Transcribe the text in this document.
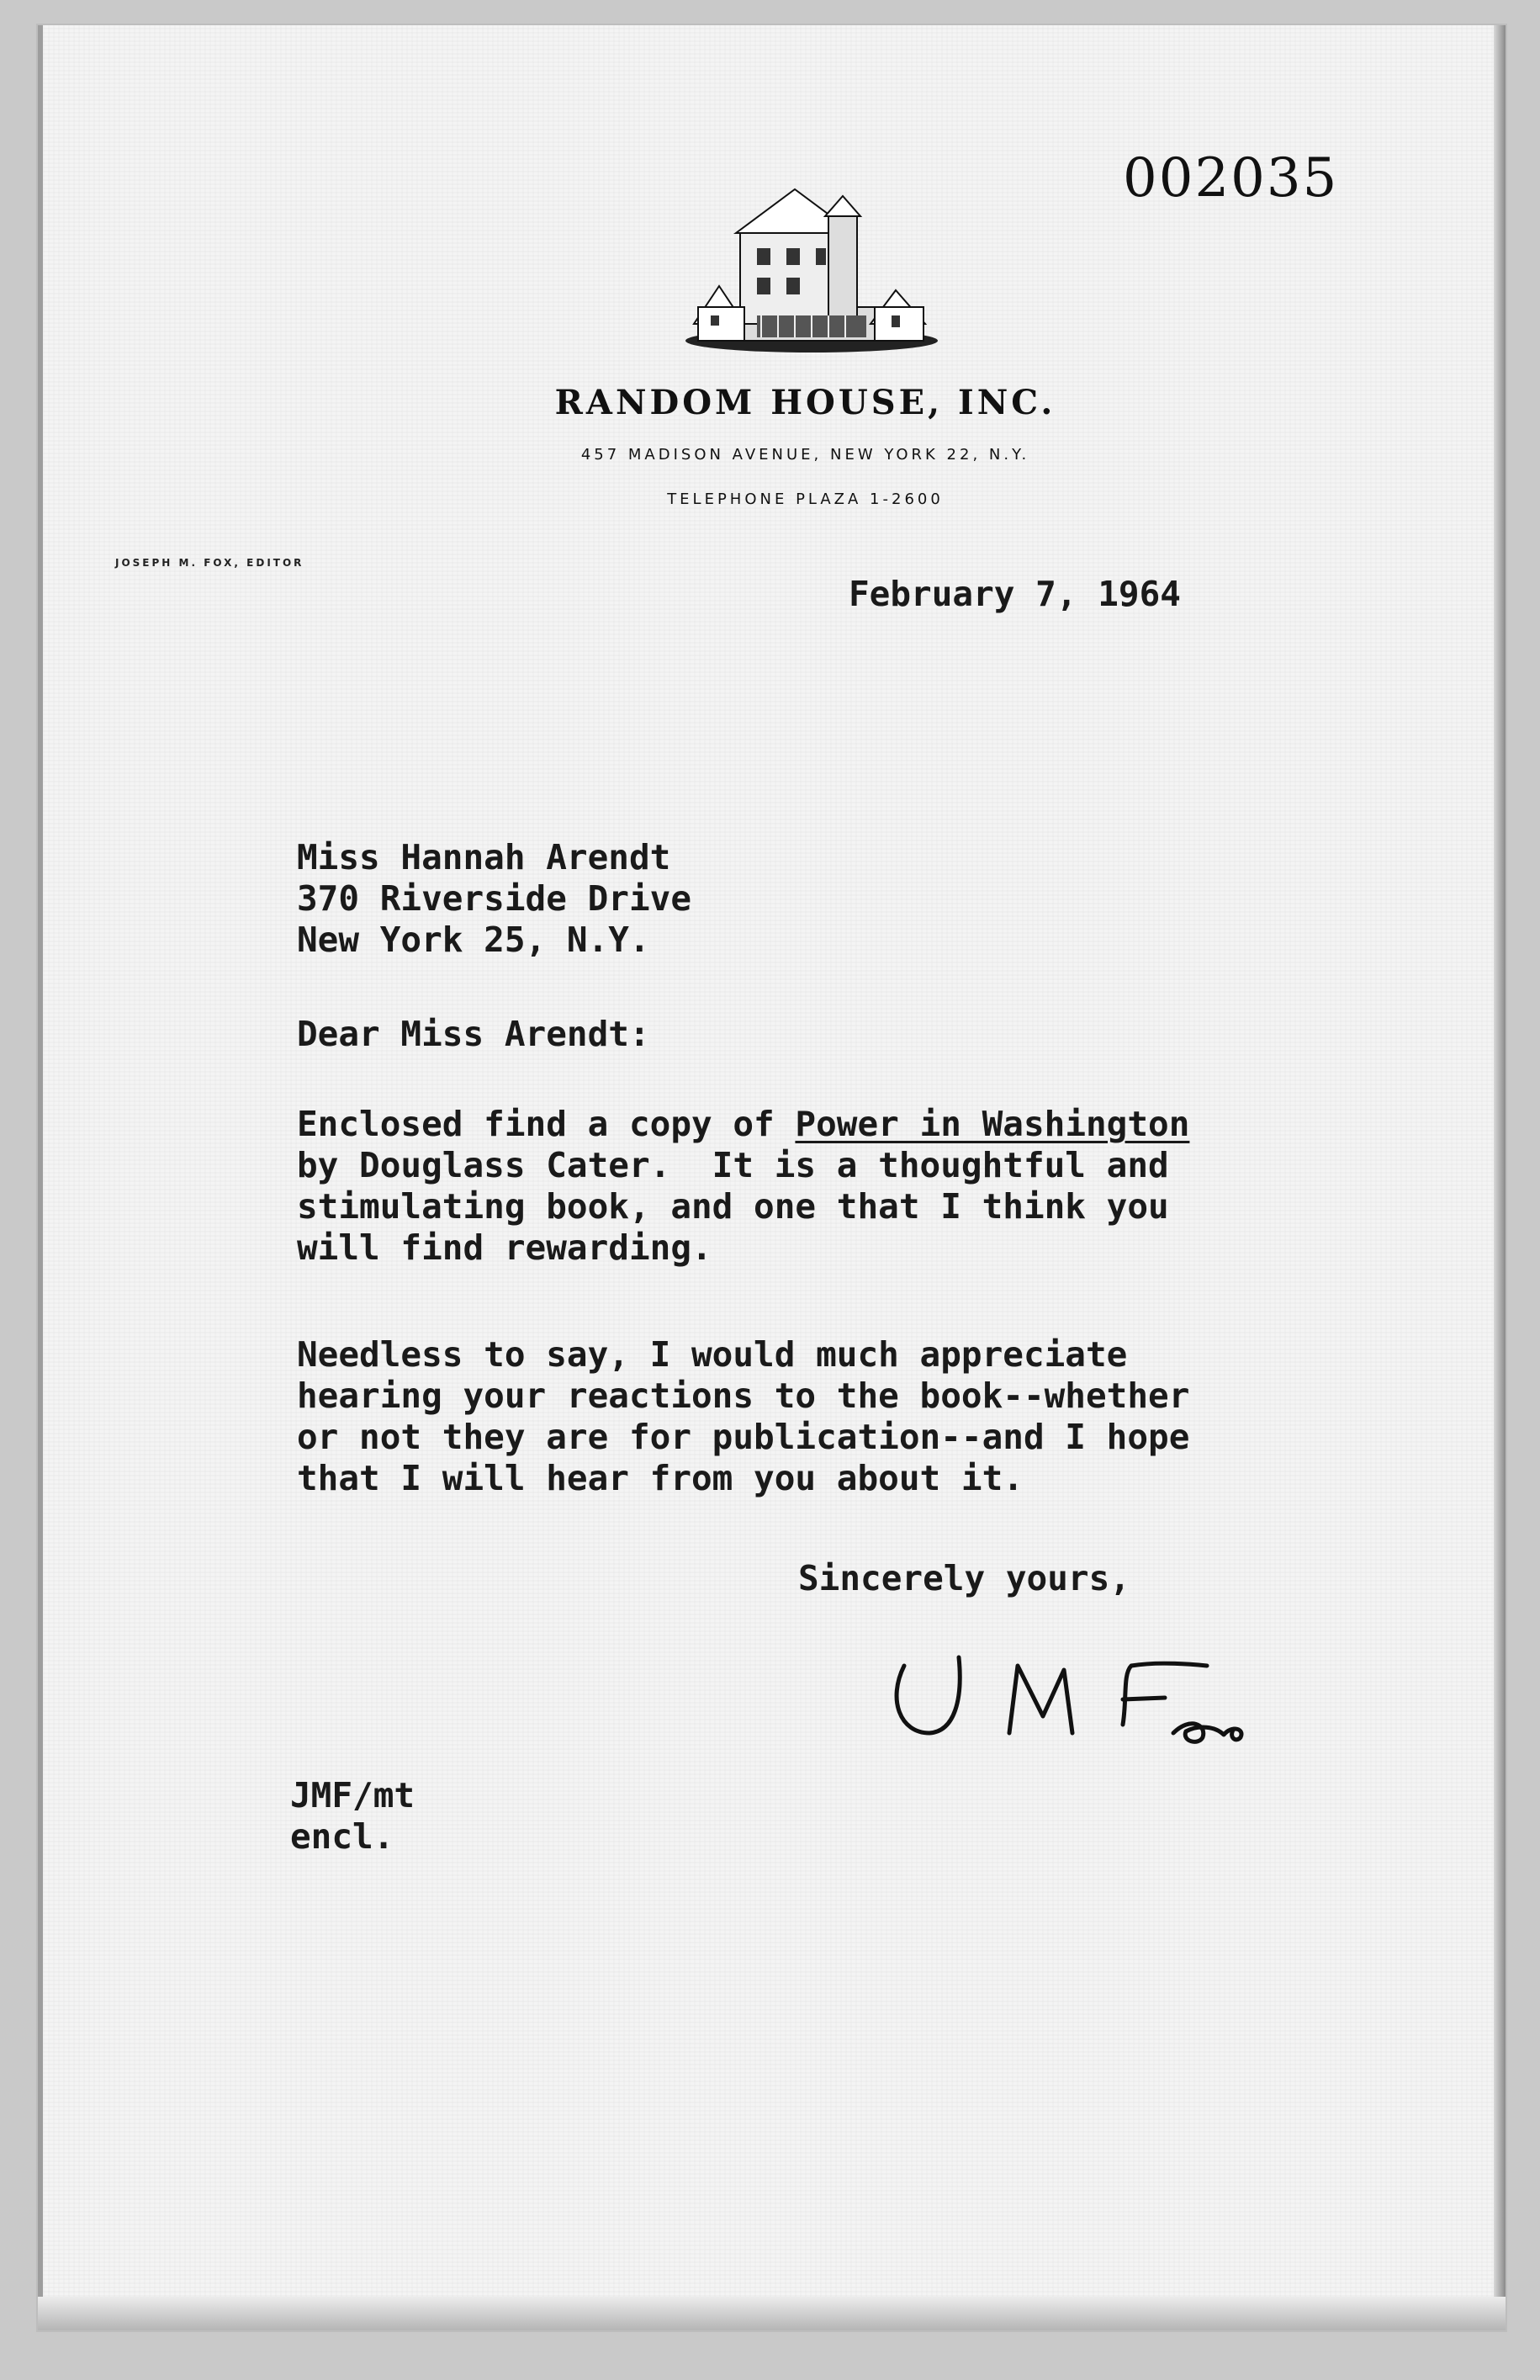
002035
RANDOM HOUSE, INC.
457 MADISON AVENUE, NEW YORK 22, N.Y.
TELEPHONE PLAZA 1-2600
JOSEPH M. FOX, EDITOR
February 7, 1964
Miss Hannah Arendt
370 Riverside Drive
New York 25, N.Y.
Dear Miss Arendt:
Enclosed find a copy of Power in Washington
by Douglass Cater.  It is a thoughtful and
stimulating book, and one that I think you
will find rewarding.
Needless to say, I would much appreciate
hearing your reactions to the book--whether
or not they are for publication--and I hope
that I will hear from you about it.
Sincerely yours,
JMF/mt
encl.
